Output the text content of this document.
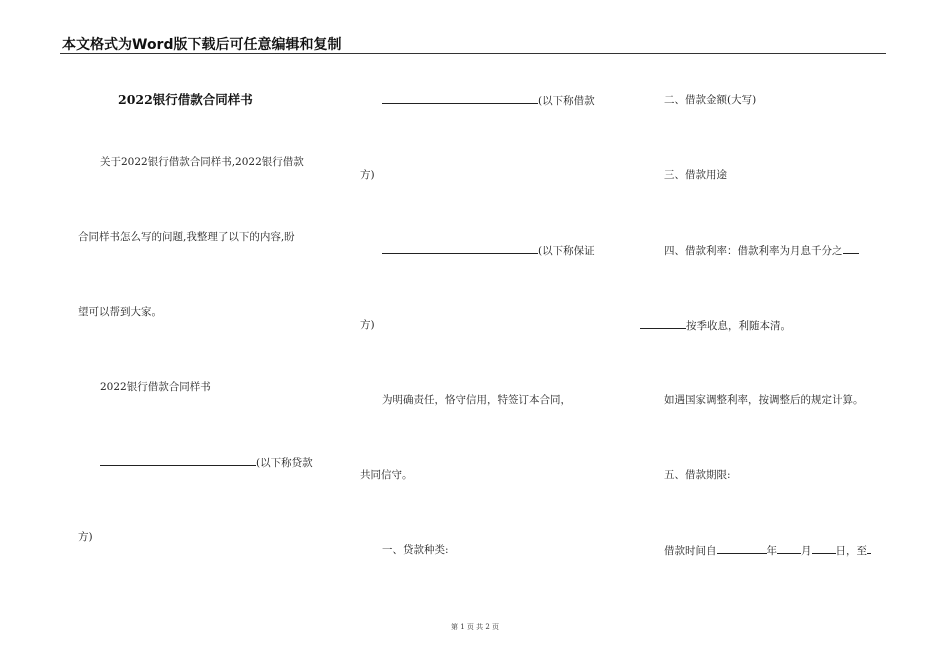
本文格式为Word版下载后可任意编辑和复制
2022银行借款合同样书
关于2022银行借款合同样书,2022银行借款
合同样书怎么写的问题,我整理了以下的内容,盼
望可以帮到大家。
2022银行借款合同样书
(以下称贷款
方)
(以下称借款
方)
(以下称保证
方)
为明确责任，恪守信用，特签订本合同，
共同信守。
一、贷款种类:
二、借款金额(大写)
三、借款用途
四、借款利率：借款利率为月息千分之
按季收息，利随本清。
如遇国家调整利率，按调整后的规定计算。
五、借款期限:
借款时间自	年 月 日，至
第 1 页 共 2 页
